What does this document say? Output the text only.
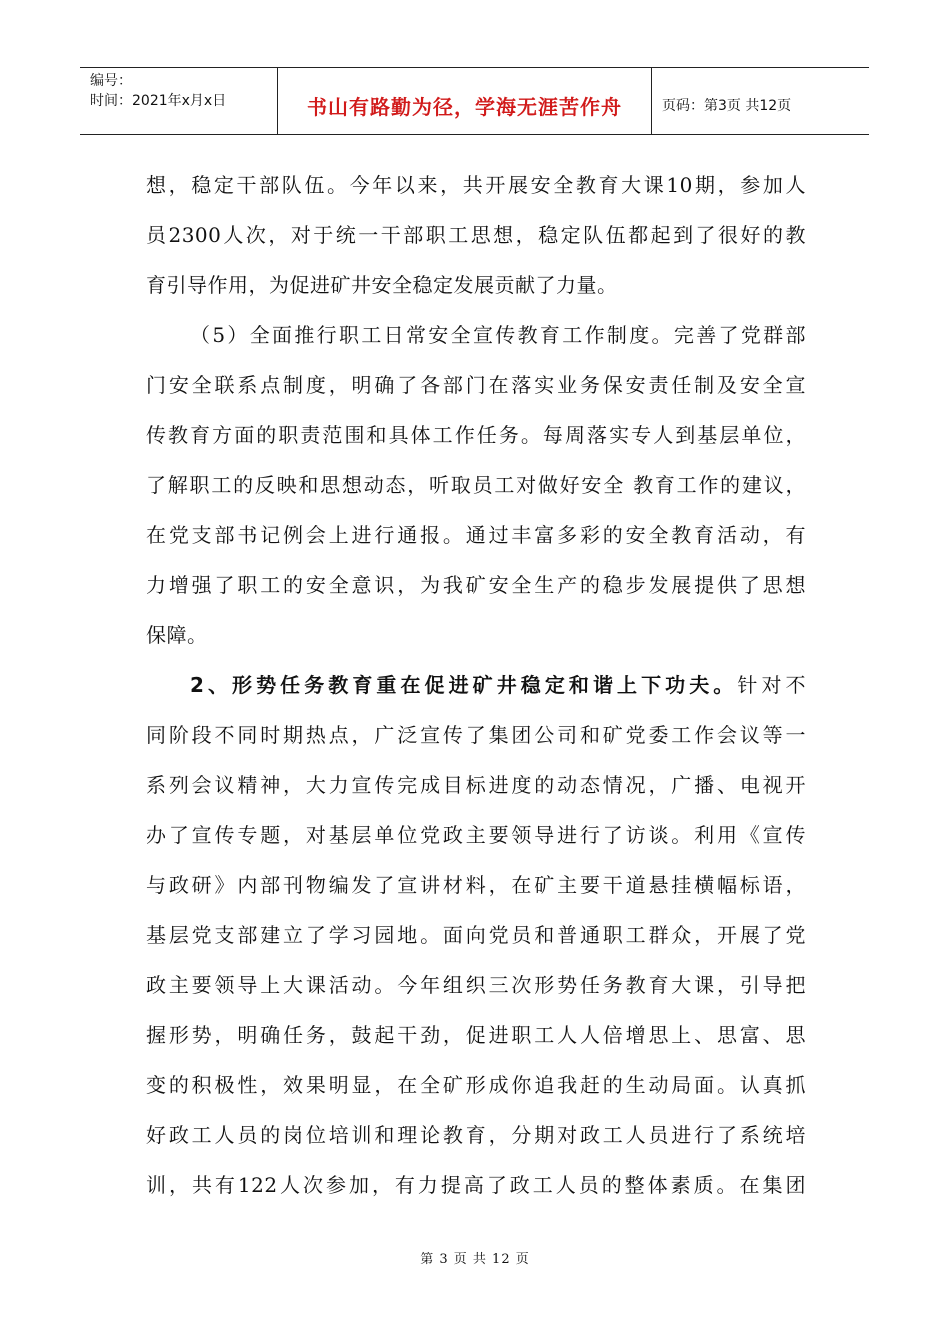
编号：
时间：2021年x月x日	书山有路勤为径，学海无涯苦作舟	页码：第3页 共12页
想，稳定干部队伍。今年以来，共开展安全教育大课10期，参加人
员2300人次，对于统一干部职工思想，稳定队伍都起到了很好的教
育引导作用，为促进矿井安全稳定发展贡献了力量。
（5）全面推行职工日常安全宣传教育工作制度。完善了党群部
门安全联系点制度，明确了各部门在落实业务保安责任制及安全宣
传教育方面的职责范围和具体工作任务。每周落实专人到基层单位，
了解职工的反映和思想动态，听取员工对做好安全 教育工作的建议，
在党支部书记例会上进行通报。通过丰富多彩的安全教育活动，有
力增强了职工的安全意识，为我矿安全生产的稳步发展提供了思想
保障。
2、形势任务教育重在促进矿井稳定和谐上下功夫。针对不
同阶段不同时期热点，广泛宣传了集团公司和矿党委工作会议等一
系列会议精神，大力宣传完成目标进度的动态情况，广播、电视开
办了宣传专题，对基层单位党政主要领导进行了访谈。利用《宣传
与政研》内部刊物编发了宣讲材料，在矿主要干道悬挂横幅标语，
基层党支部建立了学习园地。面向党员和普通职工群众，开展了党
政主要领导上大课活动。今年组织三次形势任务教育大课，引导把
握形势，明确任务，鼓起干劲，促进职工人人倍增思上、思富、思
变的积极性，效果明显，在全矿形成你追我赶的生动局面。认真抓
好政工人员的岗位培训和理论教育，分期对政工人员进行了系统培
训，共有122人次参加，有力提高了政工人员的整体素质。在集团
第 3 页 共 12 页
